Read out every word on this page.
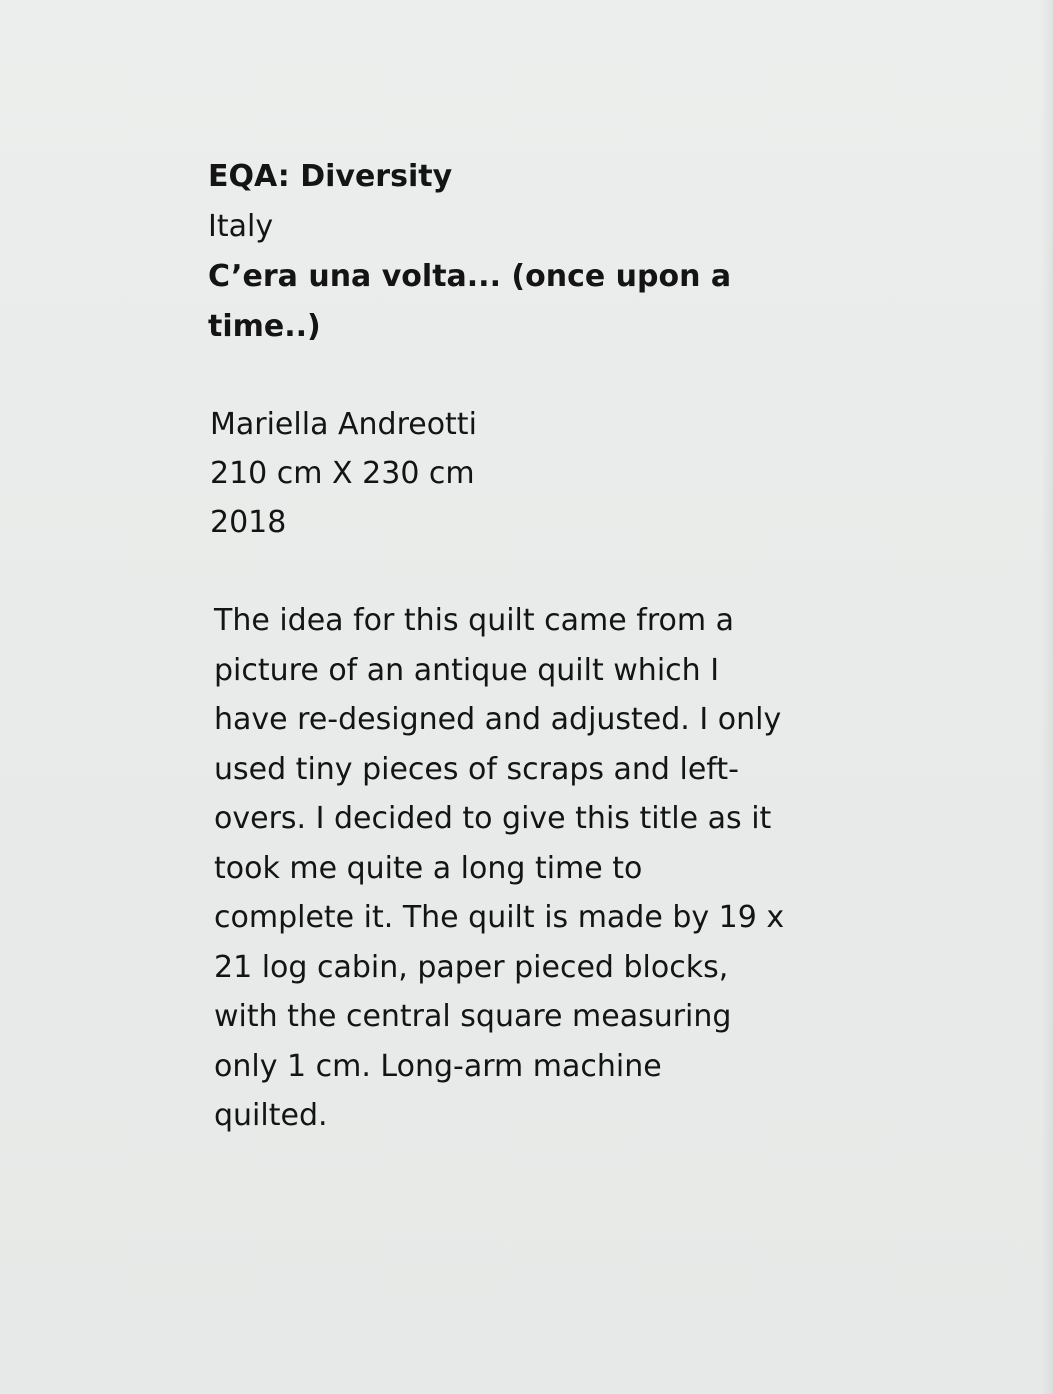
EQA: Diversity
Italy
C’era una volta... (once upon a
time..)
Mariella Andreotti
210 cm X 230 cm
2018
The idea for this quilt came from a
picture of an antique quilt which I
have re-designed and adjusted. I only
used tiny pieces of scraps and left-
overs. I decided to give this title as it
took me quite a long time to
complete it. The quilt is made by 19 x
21 log cabin, paper pieced blocks,
with the central square measuring
only 1 cm. Long-arm machine
quilted.
